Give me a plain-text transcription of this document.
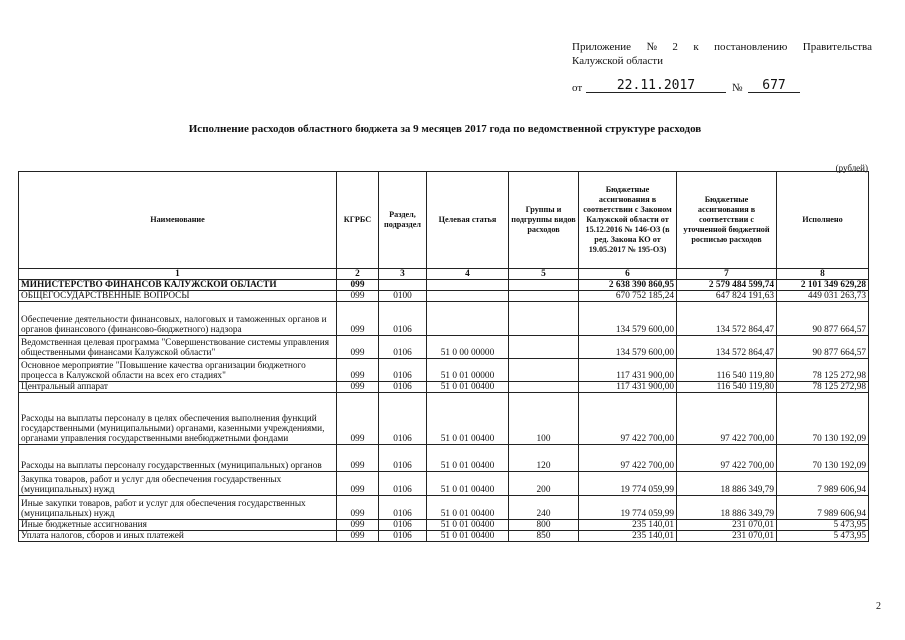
Приложение № 2 к постановлению Правительства
Калужской области
от	22.11.2017	№	677
Исполнение расходов областного бюджета за 9 месяцев 2017 года по ведомственной структуре расходов
(рублей)
Наименование	КГРБС	Раздел, подраздел	Целевая статья	Группы и подгруппы видов расходов	Бюджетные ассигнования в соответствии с Законом Калужской области от 15.12.2016 № 146-ОЗ (в ред. Закона КО от 19.05.2017 № 195-ОЗ)	Бюджетные ассигнования в соответствии с уточненной бюджетной росписью расходов	Исполнено
1	2	3	4	5	6	7	8
МИНИСТЕРСТВО ФИНАНСОВ КАЛУЖСКОЙ ОБЛАСТИ	099				2 638 390 860,95	2 579 484 599,74	2 101 349 629,28
ОБЩЕГОСУДАРСТВЕННЫЕ ВОПРОСЫ	099	0100			670 752 185,24	647 824 191,63	449 031 263,73
Обеспечение деятельности финансовых, налоговых и таможенных органов и органов финансового (финансово-бюджетного) надзора	099	0106			134 579 600,00	134 572 864,47	90 877 664,57
Ведомственная целевая программа "Совершенствование системы управления общественными финансами Калужской области"	099	0106	51 0 00 00000		134 579 600,00	134 572 864,47	90 877 664,57
Основное мероприятие "Повышение качества организации бюджетного процесса в Калужской области на всех его стадиях"	099	0106	51 0 01 00000		117 431 900,00	116 540 119,80	78 125 272,98
Центральный аппарат	099	0106	51 0 01 00400		117 431 900,00	116 540 119,80	78 125 272,98
Расходы на выплаты персоналу в целях обеспечения выполнения функций государственными (муниципальными) органами, казенными учреждениями, органами управления государственными внебюджетными фондами	099	0106	51 0 01 00400	100	97 422 700,00	97 422 700,00	70 130 192,09
Расходы на выплаты персоналу государственных (муниципальных) органов	099	0106	51 0 01 00400	120	97 422 700,00	97 422 700,00	70 130 192,09
Закупка товаров, работ и услуг для обеспечения государственных (муниципальных) нужд	099	0106	51 0 01 00400	200	19 774 059,99	18 886 349,79	7 989 606,94
Иные закупки товаров, работ и услуг для обеспечения государственных (муниципальных) нужд	099	0106	51 0 01 00400	240	19 774 059,99	18 886 349,79	7 989 606,94
Иные бюджетные ассигнования	099	0106	51 0 01 00400	800	235 140,01	231 070,01	5 473,95
Уплата налогов, сборов и иных платежей	099	0106	51 0 01 00400	850	235 140,01	231 070,01	5 473,95
2
